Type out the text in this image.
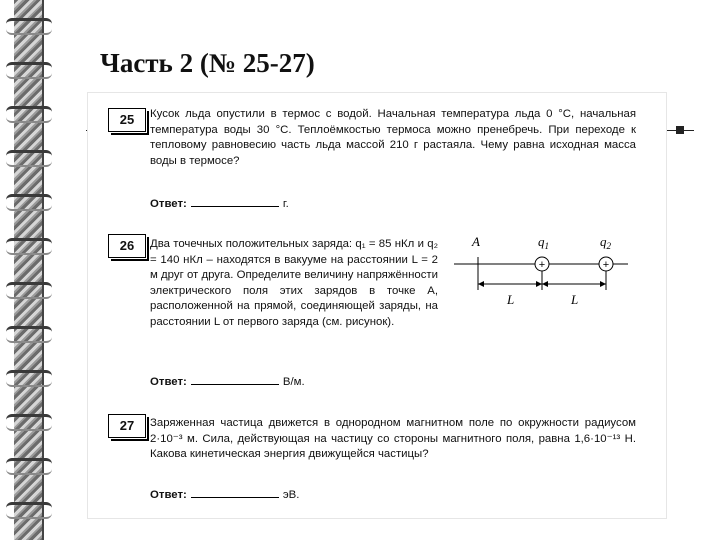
Часть 2 (№ 25-27)
25	Кусок льда опустили в термос с водой. Начальная температура льда 0 °С, начальная температура воды 30 °С. Теплоёмкостью термоса можно пренебречь. При переходе к тепловому равновесию часть льда массой 210 г растаяла. Чему равна исходная масса воды в термосе?
Ответ:	г.
26	Два точечных положительных заряда: q₁ = 85 нКл и q₂ = 140 нКл – находятся в вакууме на расстоянии L = 2 м друг от друга. Определите величину напряжённости электрического поля этих зарядов в точке A, расположенной на прямой, соединяющей заряды, на расстоянии L от первого заряда (см. рисунок).
Ответ:	В/м.
27	Заряженная частица движется в однородном магнитном поле по окружности радиусом 2·10⁻³ м. Сила, действующая на частицу со стороны магнитного поля, равна 1,6·10⁻¹³ Н. Какова кинетическая энергия движущейся частицы?
Ответ:	эВ.
A	$q_1$	$q_2$
+	+
L	L
